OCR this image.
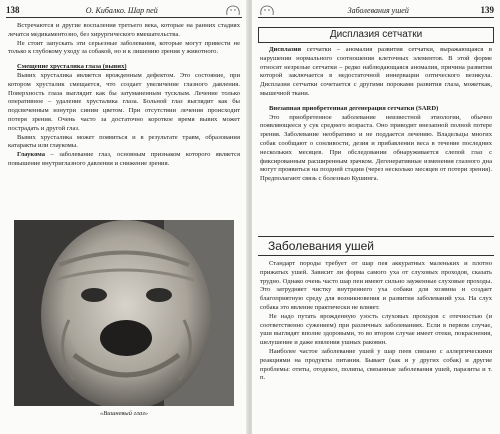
138	О. Кибалко. Шар пей

Встречаются и другие воспаления третьего века, которые на ранних стадиях лечатся медикаментозно, без хирургического вмешательства.

Не стоит запускать эти серьезные заболевания, которые могут привести не только к глубокому уходу за собакой, но и к лишению зрения у животного.

Смещение хрусталика глаза (вывих)

Вывих хрусталика является врожденным дефектом. Это состояние, при котором хрусталик смещается, что создает увеличение глазного давления. Поверхность глаза выглядит как бы затуманенным тусклым. Лечение только оперативное – удаление хрусталика глаза. Больной глаз выглядит как бы подсвеченным изнутри синим цветом. При отсутствии лечения происходит потеря зрения. Очень часто за достаточно короткое время вывих может пострадать и другой глаз.

Вывих хрусталика может появиться и в результате травм, образования катаракты или глаукомы.

Глаукома – заболевание глаз, основным признаком которого является повышение внутриглазного давления и снижение зрения.

«Вишневый глаз»
Заболевания ушей	139
Дисплазия сетчатки

Дисплазия сетчатки – аномалия развития сетчатки, выражающаяся в нарушении нормального соотношения клеточных элементов. В этой форме относят незрелые сетчатки – редко наблюдающаяся аномалия, причина развития которой заключается в недостаточной иннервации оптического везикула. Дисплазия сетчатки сочетается с другими пороками развития глаза, можеткак, мышечной ткани.

Внезапная приобретенная дегенерация сетчатки (SARD)

Это приобретенное заболевание неизвестной этиологии, обычно появляющееся у сук среднего возраста. Оно приводит внезапной полной потере зрения. Заболевание необратимо и не поддается лечению. Владельцы многих собак сообщают о сонливости, дезия и прибавлении веса в течение последних нескольких месяцев. При обследовании обнаруживается слепой глаз с фиксированным расширенным зрачком. Дегенеративные изменения глазного дна могут проявиться на поздней стадии (через несколько месяцев от потери зрения). Предполагают связь с болезнью Кушинга.

Заболевания ушей

Стандарт породы требует от шар пея аккуратных маленьких и плотно прижатых ушей. Зависит ли форма самого уха от слуховых проходов, сказать трудно. Однако очень часто шар пеи имеют сильно зауженные слуховые проходы. Это затрудняет чистку внутреннего уха собаки для хозяина и создает благоприятную среду для возникновения и развития заболеваний уха. На слух собака это явление практически не влияет.

Не надо путать врожденную узость слуховых проходов с отечностью (и соответственно сужением) при различных заболеваниях. Если в первом случае, уши выглядят вполне здоровыми, то во втором случае имеет отеки, покраснения, шелушение и даже язвления ушных раковин.

Наиболее частое заболевание ушей у шар пеев связано с аллергическими реакциями на продукты питания. Бывает (как и у других собак) и другие проблемы: отиты, отодекоз, полипы, связанные заболевания ушей, паразиты и т. п.
